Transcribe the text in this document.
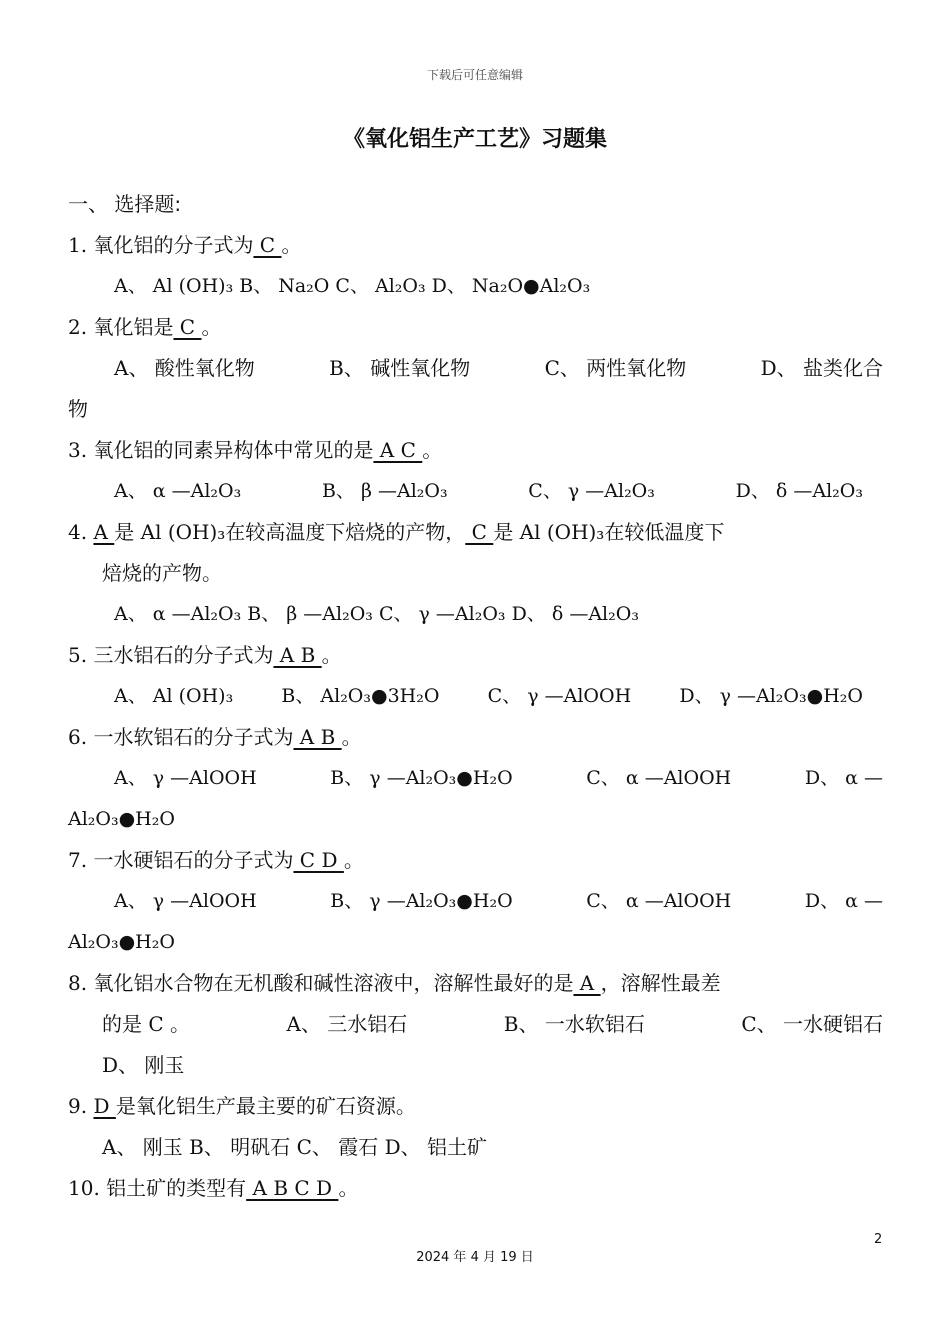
下载后可任意编辑
《氧化铝生产工艺》习题集
一、 选择题:
1. 氧化铝的分子式为 C 。
A、 Al (OH)₃ B、 Na₂O C、 Al₂O₃ D、 Na₂O●Al₂O₃
2. 氧化铝是 C 。
A、 酸性氧化物	B、 碱性氧化物	C、 两性氧化物	D、 盐类化合
物
3. 氧化铝的同素异构体中常见的是 A C 。
A、 α —Al₂O₃	B、 β —Al₂O₃	C、 γ —Al₂O₃	D、 δ —Al₂O₃
4. A 是 Al (OH)₃在较高温度下焙烧的产物， C 是 Al (OH)₃在较低温度下
焙烧的产物。
A、 α —Al₂O₃ B、 β —Al₂O₃ C、 γ —Al₂O₃ D、 δ —Al₂O₃
5. 三水铝石的分子式为 A B 。
A、 Al (OH)₃	B、 Al₂O₃●3H₂O	C、 γ —AlOOH	D、 γ —Al₂O₃●H₂O
6. 一水软铝石的分子式为 A B 。
A、 γ —AlOOH	B、 γ —Al₂O₃●H₂O	C、 α —AlOOH	D、 α —
Al₂O₃●H₂O
7. 一水硬铝石的分子式为 C D 。
A、 γ —AlOOH	B、 γ —Al₂O₃●H₂O	C、 α —AlOOH	D、 α —
Al₂O₃●H₂O
8. 氧化铝水合物在无机酸和碱性溶液中，溶解性最好的是 A ，溶解性最差
的是 C 。	A、 三水铝石	B、 一水软铝石	C、 一水硬铝石
D、 刚玉
9. D 是氧化铝生产最主要的矿石资源。
A、 刚玉 B、 明矾石 C、 霞石 D、 铝土矿
10. 铝土矿的类型有 A B C D 。
2
2024 年 4 月 19 日
